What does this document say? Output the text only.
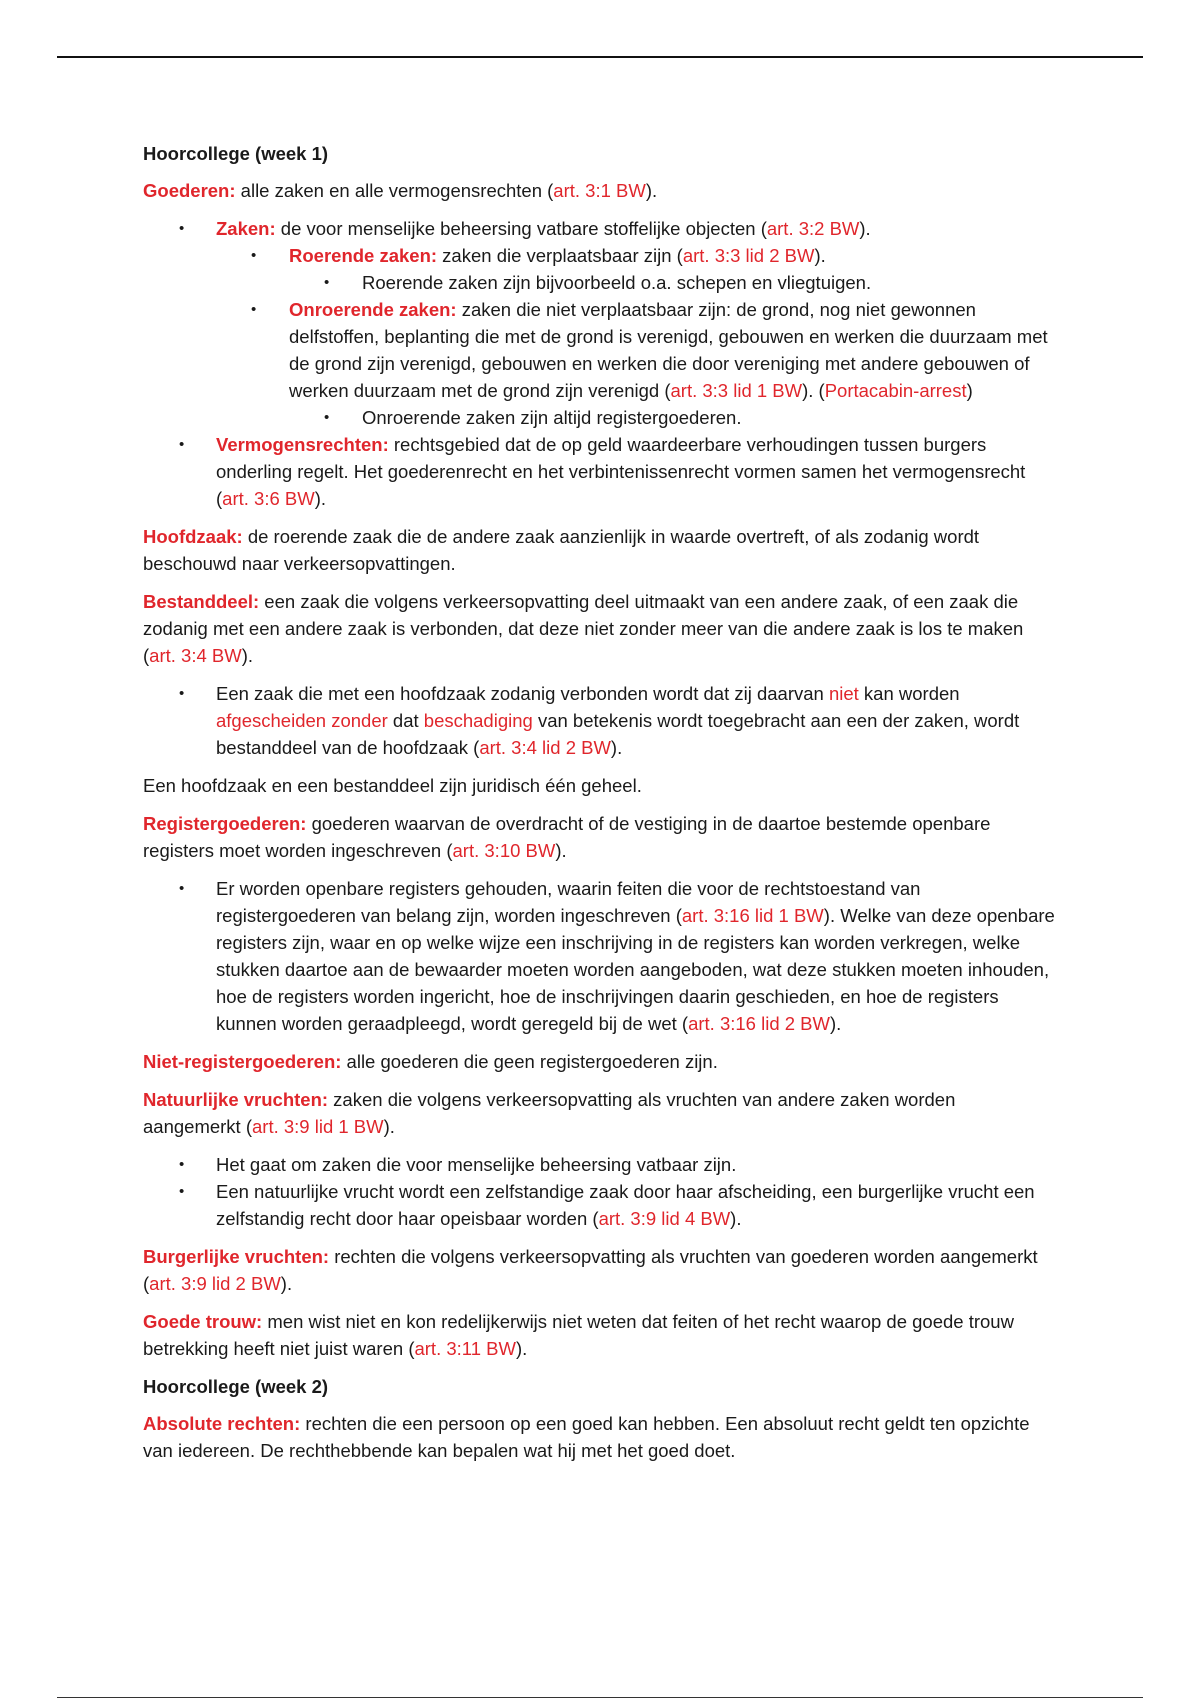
Hoorcollege (week 1)

Goederen: alle zaken en alle vermogensrechten (art. 3:1 BW).

• Zaken: de voor menselijke beheersing vatbare stoffelijke objecten (art. 3:2 BW).
• Roerende zaken: zaken die verplaatsbaar zijn (art. 3:3 lid 2 BW).
• Roerende zaken zijn bijvoorbeeld o.a. schepen en vliegtuigen.
• Onroerende zaken: zaken die niet verplaatsbaar zijn: de grond, nog niet gewonnen delfstoffen, beplanting die met de grond is verenigd, gebouwen en werken die duurzaam met de grond zijn verenigd, gebouwen en werken die door vereniging met andere gebouwen of werken duurzaam met de grond zijn verenigd (art. 3:3 lid 1 BW). (Portacabin-arrest)
• Onroerende zaken zijn altijd registergoederen.
• Vermogensrechten: rechtsgebied dat de op geld waardeerbare verhoudingen tussen burgers onderling regelt. Het goederenrecht en het verbintenissenrecht vormen samen het vermogensrecht (art. 3:6 BW).

Hoofdzaak: de roerende zaak die de andere zaak aanzienlijk in waarde overtreft, of als zodanig wordt beschouwd naar verkeersopvattingen.

Bestanddeel: een zaak die volgens verkeersopvatting deel uitmaakt van een andere zaak, of een zaak die zodanig met een andere zaak is verbonden, dat deze niet zonder meer van die andere zaak is los te maken (art. 3:4 BW).

• Een zaak die met een hoofdzaak zodanig verbonden wordt dat zij daarvan niet kan worden afgescheiden zonder dat beschadiging van betekenis wordt toegebracht aan een der zaken, wordt bestanddeel van de hoofdzaak (art. 3:4 lid 2 BW).

Een hoofdzaak en een bestanddeel zijn juridisch één geheel.

Registergoederen: goederen waarvan de overdracht of de vestiging in de daartoe bestemde openbare registers moet worden ingeschreven (art. 3:10 BW).

• Er worden openbare registers gehouden, waarin feiten die voor de rechtstoestand van registergoederen van belang zijn, worden ingeschreven (art. 3:16 lid 1 BW). Welke van deze openbare registers zijn, waar en op welke wijze een inschrijving in de registers kan worden verkregen, welke stukken daartoe aan de bewaarder moeten worden aangeboden, wat deze stukken moeten inhouden, hoe de registers worden ingericht, hoe de inschrijvingen daarin geschieden, en hoe de registers kunnen worden geraadpleegd, wordt geregeld bij de wet (art. 3:16 lid 2 BW).

Niet-registergoederen: alle goederen die geen registergoederen zijn.

Natuurlijke vruchten: zaken die volgens verkeersopvatting als vruchten van andere zaken worden aangemerkt (art. 3:9 lid 1 BW).

• Het gaat om zaken die voor menselijke beheersing vatbaar zijn.
• Een natuurlijke vrucht wordt een zelfstandige zaak door haar afscheiding, een burgerlijke vrucht een zelfstandig recht door haar opeisbaar worden (art. 3:9 lid 4 BW).

Burgerlijke vruchten: rechten die volgens verkeersopvatting als vruchten van goederen worden aangemerkt (art. 3:9 lid 2 BW).

Goede trouw: men wist niet en kon redelijkerwijs niet weten dat feiten of het recht waarop de goede trouw betrekking heeft niet juist waren (art. 3:11 BW).

Hoorcollege (week 2)

Absolute rechten: rechten die een persoon op een goed kan hebben. Een absoluut recht geldt ten opzichte van iedereen. De rechthebbende kan bepalen wat hij met het goed doet.
